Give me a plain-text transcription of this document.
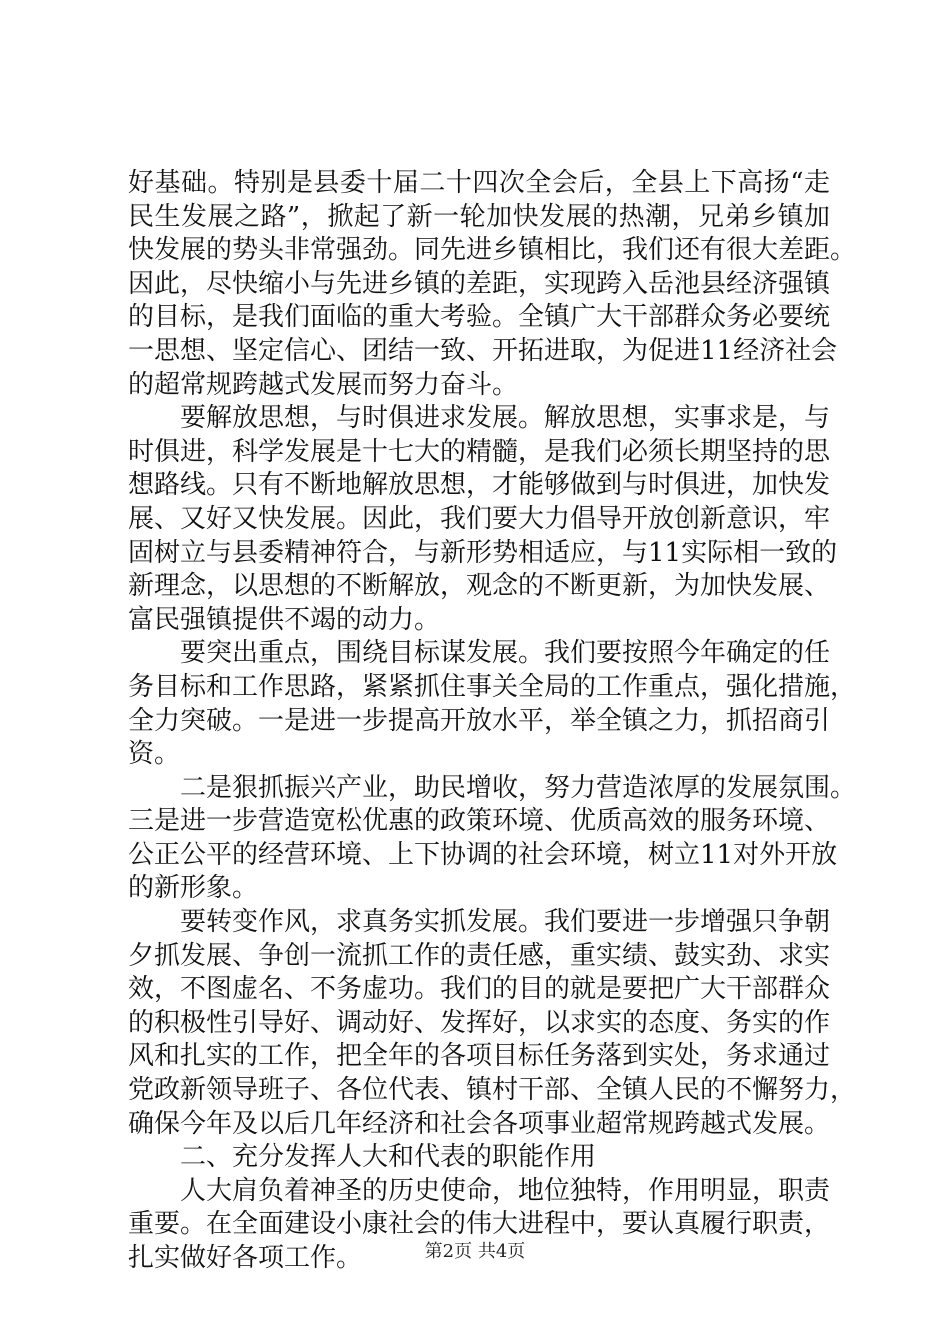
好基础。特别是县委十届二十四次全会后，全县上下高扬“走
民生发展之路”，掀起了新一轮加快发展的热潮，兄弟乡镇加
快发展的势头非常强劲。同先进乡镇相比，我们还有很大差距。
因此，尽快缩小与先进乡镇的差距，实现跨入岳池县经济强镇
的目标，是我们面临的重大考验。全镇广大干部群众务必要统
一思想、坚定信心、团结一致、开拓进取，为促进11经济社会
的超常规跨越式发展而努力奋斗。
要解放思想，与时俱进求发展。解放思想，实事求是，与
时俱进，科学发展是十七大的精髓，是我们必须长期坚持的思
想路线。只有不断地解放思想，才能够做到与时俱进，加快发
展、又好又快发展。因此，我们要大力倡导开放创新意识，牢
固树立与县委精神符合，与新形势相适应，与11实际相一致的
新理念，以思想的不断解放，观念的不断更新，为加快发展、
富民强镇提供不竭的动力。
要突出重点，围绕目标谋发展。我们要按照今年确定的任
务目标和工作思路，紧紧抓住事关全局的工作重点，强化措施，
全力突破。一是进一步提高开放水平，举全镇之力，抓招商引
资。
二是狠抓振兴产业，助民增收，努力营造浓厚的发展氛围。
三是进一步营造宽松优惠的政策环境、优质高效的服务环境、
公正公平的经营环境、上下协调的社会环境，树立11对外开放
的新形象。
要转变作风，求真务实抓发展。我们要进一步增强只争朝
夕抓发展、争创一流抓工作的责任感，重实绩、鼓实劲、求实
效，不图虚名、不务虚功。我们的目的就是要把广大干部群众
的积极性引导好、调动好、发挥好，以求实的态度、务实的作
风和扎实的工作，把全年的各项目标任务落到实处，务求通过
党政新领导班子、各位代表、镇村干部、全镇人民的不懈努力，
确保今年及以后几年经济和社会各项事业超常规跨越式发展。
二、充分发挥人大和代表的职能作用
人大肩负着神圣的历史使命，地位独特，作用明显，职责
重要。在全面建设小康社会的伟大进程中，要认真履行职责，
扎实做好各项工作。	第2页 共4页
